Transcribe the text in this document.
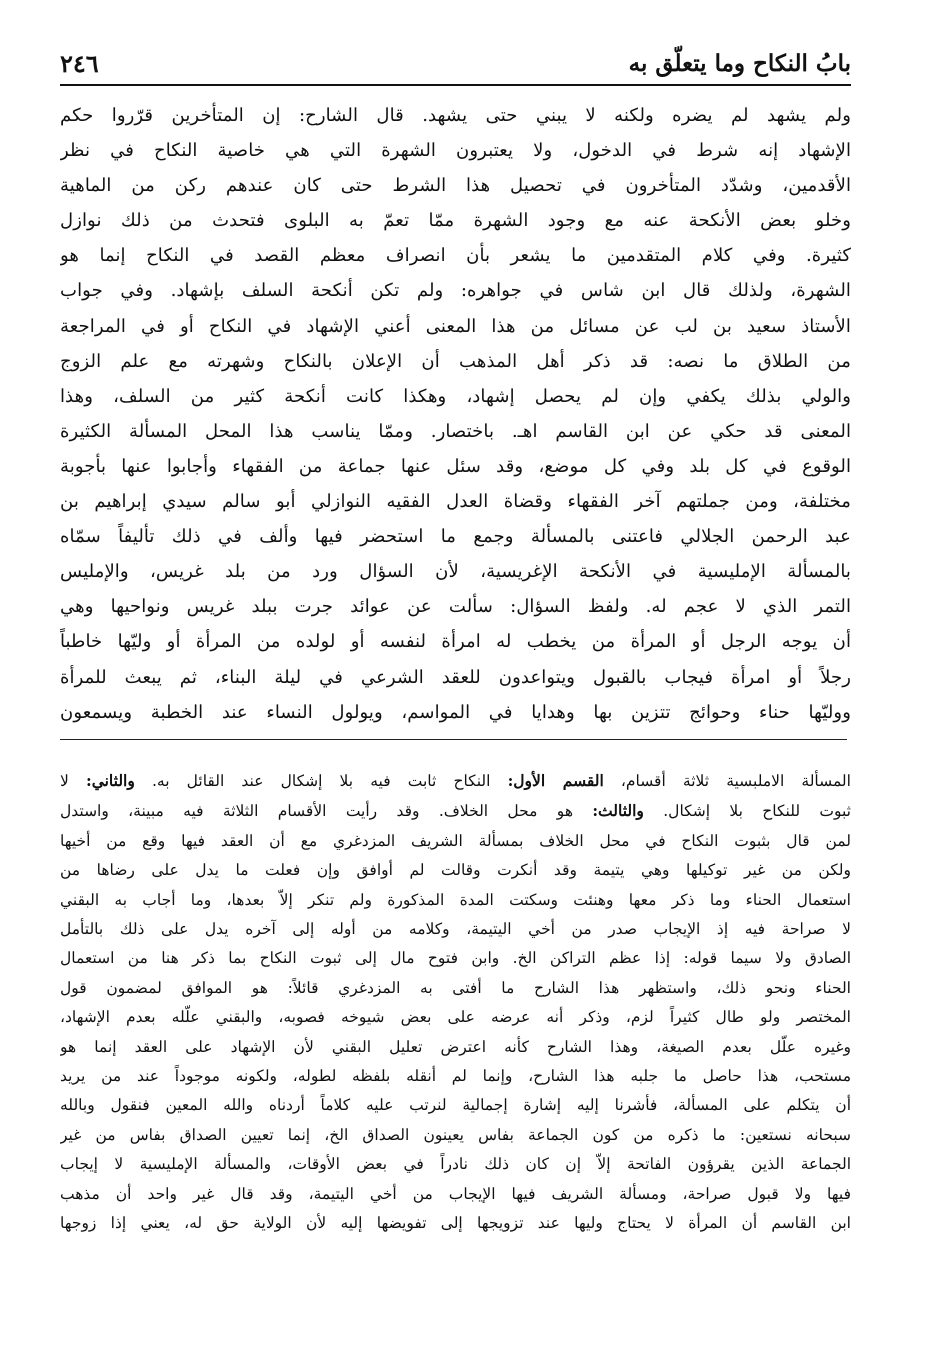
بابُ النكاح وما يتعلّق به
٢٤٦
ولم يشهد لم يضره ولكنه لا يبني حتى يشهد. قال الشارح: إن المتأخرين قرّروا حكم
الإشهاد إنه شرط في الدخول، ولا يعتبرون الشهرة التي هي خاصية النكاح في نظر
الأقدمين، وشدّد المتأخرون في تحصيل هذا الشرط حتى كان عندهم ركن من الماهية
وخلو بعض الأنكحة عنه مع وجود الشهرة ممّا تعمّ به البلوى فتحدث من ذلك نوازل
كثيرة. وفي كلام المتقدمين ما يشعر بأن انصراف معظم القصد في النكاح إنما هو
الشهرة، ولذلك قال ابن شاس في جواهره: ولم تكن أنكحة السلف بإشهاد. وفي جواب
الأستاذ سعيد بن لب عن مسائل من هذا المعنى أعني الإشهاد في النكاح أو في المراجعة
من الطلاق ما نصه: قد ذكر أهل المذهب أن الإعلان بالنكاح وشهرته مع علم الزوج
والولي بذلك يكفي وإن لم يحصل إشهاد، وهكذا كانت أنكحة كثير من السلف، وهذا
المعنى قد حكي عن ابن القاسم اهـ. باختصار. وممّا يناسب هذا المحل المسألة الكثيرة
الوقوع في كل بلد وفي كل موضع، وقد سئل عنها جماعة من الفقهاء وأجابوا عنها بأجوبة
مختلفة، ومن جملتهم آخر الفقهاء وقضاة العدل الفقيه النوازلي أبو سالم سيدي إبراهيم بن
عبد الرحمن الجلالي فاعتنى بالمسألة وجمع ما استحضر فيها وألف في ذلك تأليفاً سمّاه
بالمسألة الإمليسية في الأنكحة الإغريسية، لأن السؤال ورد من بلد غريس، والإمليس
التمر الذي لا عجم له. ولفظ السؤال: سألت عن عوائد جرت ببلد غريس ونواحيها وهي
أن يوجه الرجل أو المرأة من يخطب له امرأة لنفسه أو لولده من المرأة أو وليّها خاطباً
رجلاً أو امرأة فيجاب بالقبول ويتواعدون للعقد الشرعي في ليلة البناء، ثم يبعث للمرأة
ووليّها حناء وحوائج تتزين بها وهدايا في المواسم، ويولول النساء عند الخطبة ويسمعون
المسألة الاملبسية ثلاثة أقسام، القسم الأول: النكاح ثابت فيه بلا إشكال عند القائل به. والثاني: لا
ثبوت للنكاح بلا إشكال. والثالث: هو محل الخلاف. وقد رأيت الأقسام الثلاثة فيه مبينة، واستدل
لمن قال بثبوت النكاح في محل الخلاف بمسألة الشريف المزدغري مع أن العقد فيها وقع من أخيها
ولكن من غير توكيلها وهي يتيمة وقد أنكرت وقالت لم أوافق وإن فعلت ما يدل على رضاها من
استعمال الحناء وما ذكر معها وهنئت وسكتت المدة المذكورة ولم تنكر إلاّ بعدها، وما أجاب به البقني
لا صراحة فيه إذ الإيجاب صدر من أخي اليتيمة، وكلامه من أوله إلى آخره يدل على ذلك بالتأمل
الصادق ولا سيما قوله: إذا عظم التراكن الخ. وابن فتوح مال إلى ثبوت النكاح بما ذكر هنا من استعمال
الحناء ونحو ذلك، واستظهر هذا الشارح ما أفتى به المزدغري قائلاً: هو الموافق لمضمون قول
المختصر ولو طال كثيراً لزم، وذكر أنه عرضه على بعض شيوخه فصوبه، والبقني علّله بعدم الإشهاد،
وغيره علّل بعدم الصيغة، وهذا الشارح كأنه اعترض تعليل البقني لأن الإشهاد على العقد إنما هو
مستحب، هذا حاصل ما جلبه هذا الشارح، وإنما لم أنقله بلفظه لطوله، ولكونه موجوداً عند من يريد
أن يتكلم على المسألة، فأشرنا إليه إشارة إجمالية لنرتب عليه كلاماً أردناه والله المعين فنقول وبالله
سبحانه نستعين: ما ذكره من كون الجماعة بفاس يعينون الصداق الخ، إنما تعيين الصداق بفاس من غير
الجماعة الذين يقرؤون الفاتحة إلاّ إن كان ذلك نادراً في بعض الأوقات، والمسألة الإمليسية لا إيجاب
فيها ولا قبول صراحة، ومسألة الشريف فيها الإيجاب من أخي اليتيمة، وقد قال غير واحد أن مذهب
ابن القاسم أن المرأة لا يحتاج وليها عند تزويجها إلى تفويضها إليه لأن الولاية حق له، يعني إذا زوجها
